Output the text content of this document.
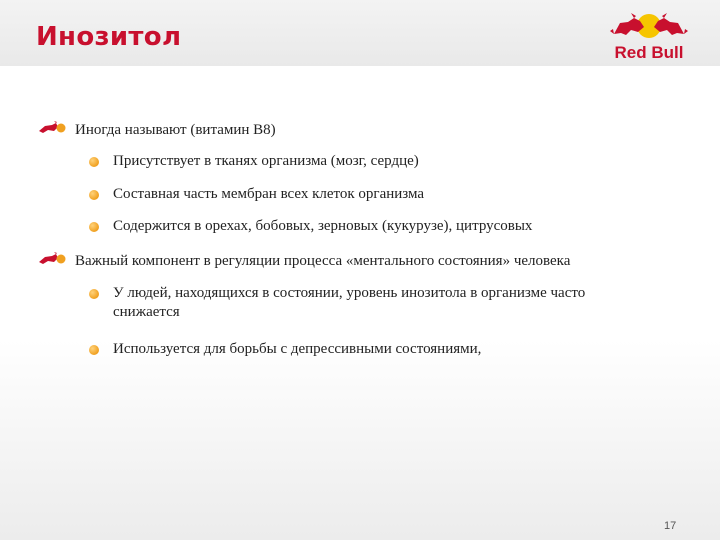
Инозитол
Red Bull
Иногда называют (витамин В8)
Присутствует в тканях организма (мозг, сердце)
Составная часть мембран всех клеток организма
Содержится в орехах, бобовых, зерновых (кукурузе), цитрусовых
Важный компонент в регуляции процесса «ментального состояния» человека
У людей, находящихся в состоянии, уровень инозитола в организме часто снижается
Используется для борьбы с депрессивными состояниями,
17
